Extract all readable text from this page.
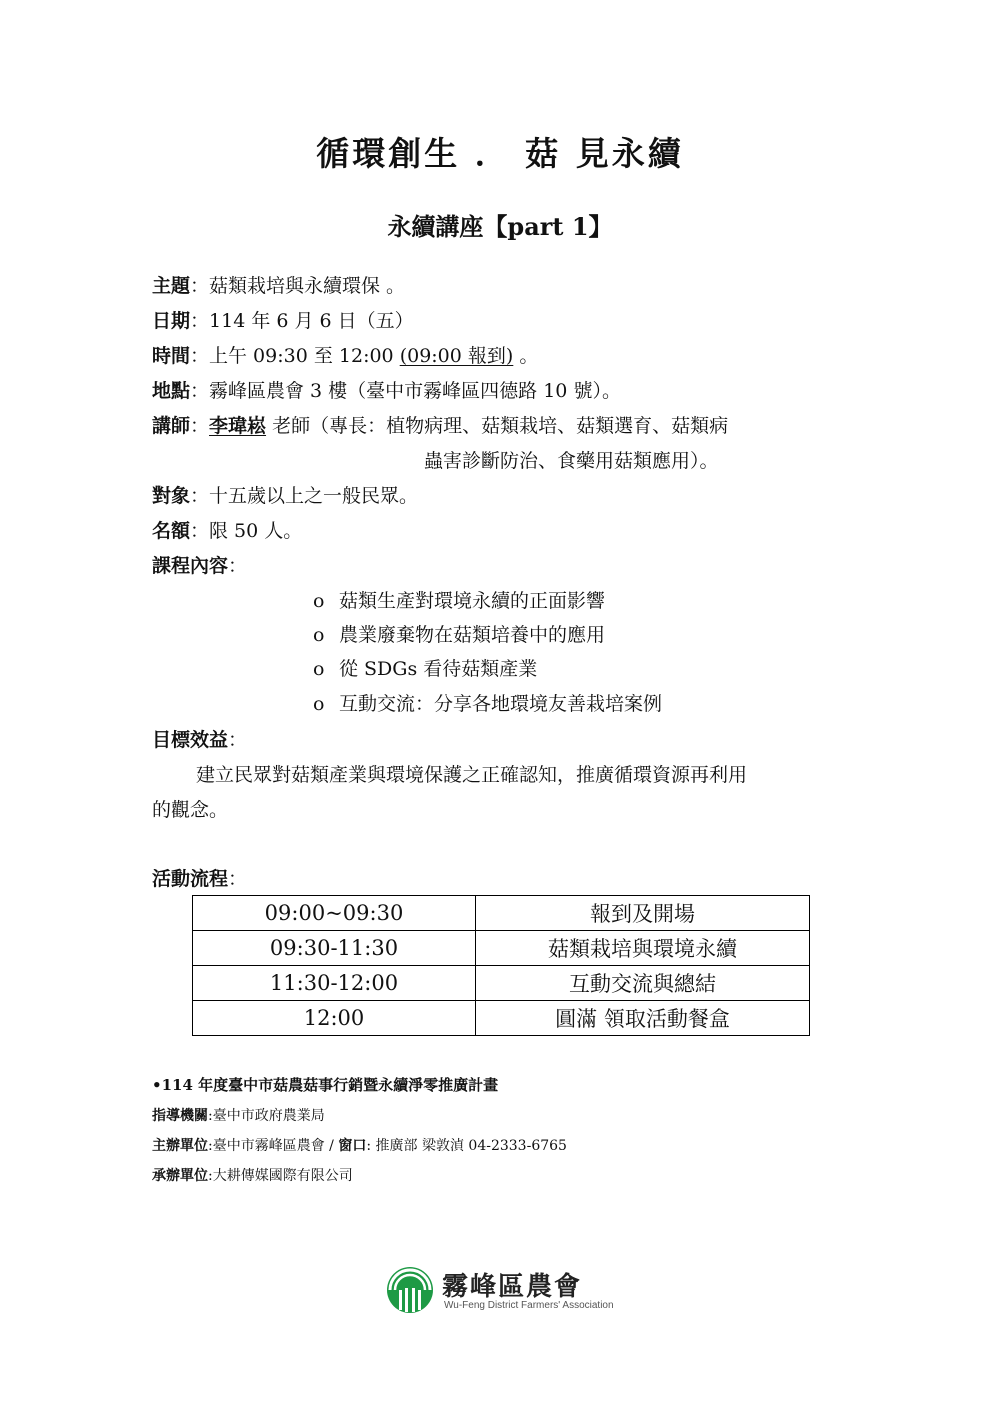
循環創生 ． 菇 見永續
永續講座【part 1】
主題：菇類栽培與永續環保 。
日期：114 年 6 月 6 日（五）
時間：上午 09:30 至 12:00 (09:00 報到) 。
地點：霧峰區農會 3 樓（臺中市霧峰區四德路 10 號）。
講師：李瑋崧 老師（專長：植物病理、菇類栽培、菇類選育、菇類病
蟲害診斷防治、食藥用菇類應用）。
對象：十五歲以上之一般民眾。
名額：限 50 人。
課程內容：
o 菇類生產對環境永續的正面影響
o 農業廢棄物在菇類培養中的應用
o 從 SDGs 看待菇類產業
o 互動交流：分享各地環境友善栽培案例
目標效益：
建立民眾對菇類產業與環境保護之正確認知，推廣循環資源再利用
的觀念。
活動流程：
09:00~09:30	報到及開場
09:30-11:30	菇類栽培與環境永續
11:30-12:00	互動交流與總結
12:00	圓滿 領取活動餐盒
•114 年度臺中市菇農菇事行銷暨永續淨零推廣計畫
指導機關:臺中市政府農業局
主辦單位:臺中市霧峰區農會 / 窗口: 推廣部 梁敦湞 04-2333-6765
承辦單位:大耕傳媒國際有限公司
霧峰區農會
Wu-Feng District Farmers' Association
